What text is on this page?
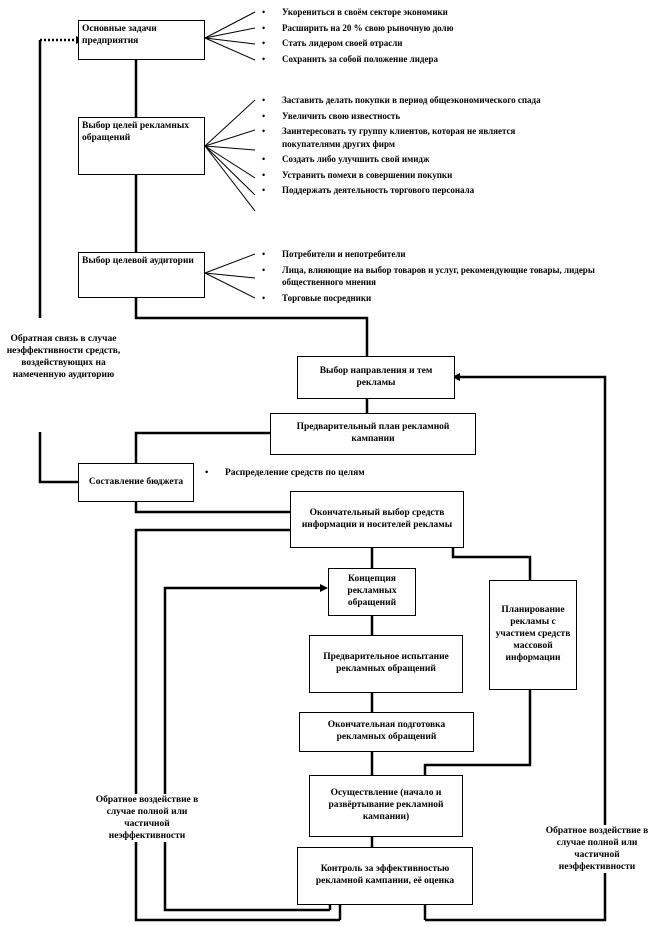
Основные задачи предприятия
Выбор целей рекламных обращений
Выбор целевой аудитории
Выбор направления и тем рекламы
Предварительный план рекламной кампании
Составление бюджета
Окончательный выбор средств информации и носителей рекламы
Концепция рекламных обращений
Предварительное испытание рекламных обращений
Окончательная подготовка рекламных обращений
Планирование рекламы с участием средств массовой информации
Осуществление (начало и развёртывание рекламной кампании)
Контроль за эффективностью рекламной кампании, её оценка
• Укорениться в своём секторе экономики
• Расширить на 20 % свою рыночную долю
• Стать лидером своей отрасли
• Сохранить за собой положение лидера
• Заставить делать покупки в период общеэкономического спада
• Увеличить свою известность
• Заинтересовать ту группу клиентов, которая не является покупателями других фирм
• Создать либо улучшить свой имидж
• Устранить помехи в совершении покупки
• Поддержать деятельность торгового персонала
• Потребители и непотребители
• Лица, влияющие на выбор товаров и услуг, рекомендующие товары, лидеры общественного мнения
• Торговые посредники
• Распределение средств по целям
Обратная связь в случае неэффективности средств, воздействующих на намеченную аудиторию
Обратное воздействие в случае полной или частичной неэффективности	Обратное воздействие в случае полной или частичной неэффективности
